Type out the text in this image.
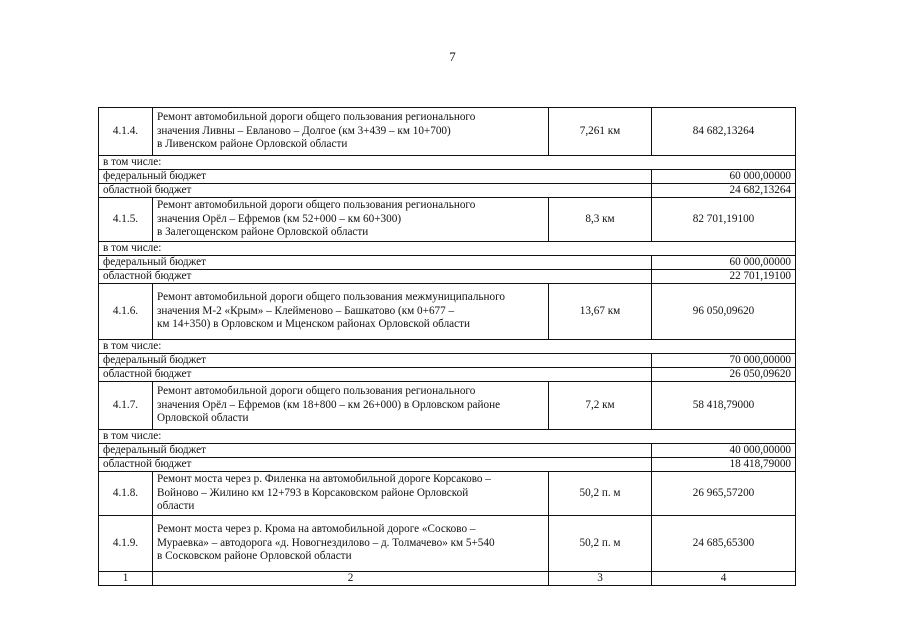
7
4.1.4.	Ремонт автомобильной дороги общего пользования регионального
значения Ливны – Евланово – Долгое (км 3+439 – км 10+700)
в Ливенском районе Орловской области	7,261 км	84 682,13264
в том числе:			
федеральный бюджет			60 000,00000
областной бюджет			24 682,13264
4.1.5.	Ремонт автомобильной дороги общего пользования регионального
значения Орёл – Ефремов (км 52+000 – км 60+300)
в Залегощенском районе Орловской области	8,3 км	82 701,19100
в том числе:			
федеральный бюджет			60 000,00000
областной бюджет			22 701,19100
4.1.6.	Ремонт автомобильной дороги общего пользования межмуниципального
значения М-2 «Крым» – Клейменово – Башкатово (км 0+677 –
км 14+350) в Орловском и Мценском районах Орловской области	13,67 км	96 050,09620
в том числе:			
федеральный бюджет			70 000,00000
областной бюджет			26 050,09620
4.1.7.	Ремонт автомобильной дороги общего пользования регионального
значения Орёл – Ефремов (км 18+800 – км 26+000) в Орловском районе
Орловской области	7,2 км	58 418,79000
в том числе:			
федеральный бюджет			40 000,00000
областной бюджет			18 418,79000
4.1.8.	Ремонт моста через р. Филенка на автомобильной дороге Корсаково –
Войново – Жилино км 12+793 в Корсаковском районе Орловской
области	50,2 п. м	26 965,57200
4.1.9.	Ремонт моста через р. Крома на автомобильной дороге «Сосково –
Мураевка» – автодорога «д. Новогнездилово – д. Толмачево» км 5+540
в Сосковском районе Орловской области	50,2 п. м	24 685,65300
1	2	3	4
